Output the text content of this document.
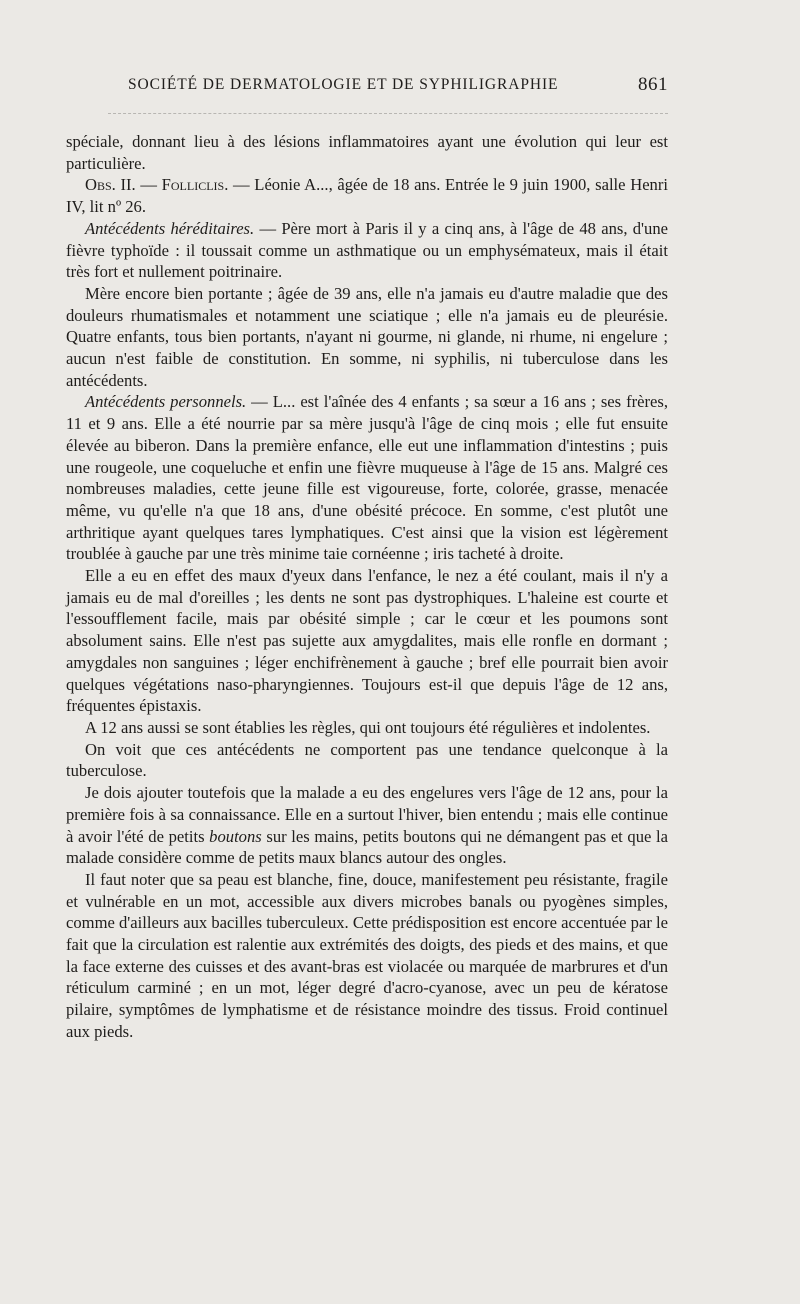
SOCIÉTÉ DE DERMATOLOGIE ET DE SYPHILIGRAPHIE	861

spéciale, donnant lieu à des lésions inflammatoires ayant une évolution qui leur est particulière.

Obs. II. — Folliclis. — Léonie A..., âgée de 18 ans. Entrée le 9 juin 1900, salle Henri IV, lit nº 26.

Antécédents héréditaires. — Père mort à Paris il y a cinq ans, à l'âge de 48 ans, d'une fièvre typhoïde : il toussait comme un asthmatique ou un emphysémateux, mais il était très fort et nullement poitrinaire.

Mère encore bien portante ; âgée de 39 ans, elle n'a jamais eu d'autre maladie que des douleurs rhumatismales et notamment une sciatique ; elle n'a jamais eu de pleurésie. Quatre enfants, tous bien portants, n'ayant ni gourme, ni glande, ni rhume, ni engelure ; aucun n'est faible de constitution. En somme, ni syphilis, ni tuberculose dans les antécédents.

Antécédents personnels. — L... est l'aînée des 4 enfants ; sa sœur a 16 ans ; ses frères, 11 et 9 ans. Elle a été nourrie par sa mère jusqu'à l'âge de cinq mois ; elle fut ensuite élevée au biberon. Dans la première enfance, elle eut une inflammation d'intestins ; puis une rougeole, une coqueluche et enfin une fièvre muqueuse à l'âge de 15 ans. Malgré ces nombreuses maladies, cette jeune fille est vigoureuse, forte, colorée, grasse, menacée même, vu qu'elle n'a que 18 ans, d'une obésité précoce. En somme, c'est plutôt une arthritique ayant quelques tares lymphatiques. C'est ainsi que la vision est légèrement troublée à gauche par une très minime taie cornéenne ; iris tacheté à droite.

Elle a eu en effet des maux d'yeux dans l'enfance, le nez a été coulant, mais il n'y a jamais eu de mal d'oreilles ; les dents ne sont pas dystrophiques. L'haleine est courte et l'essoufflement facile, mais par obésité simple ; car le cœur et les poumons sont absolument sains. Elle n'est pas sujette aux amygdalites, mais elle ronfle en dormant ; amygdales non sanguines ; léger enchifrènement à gauche ; bref elle pourrait bien avoir quelques végétations naso-pharyngiennes. Toujours est-il que depuis l'âge de 12 ans, fréquentes épistaxis.

A 12 ans aussi se sont établies les règles, qui ont toujours été régulières et indolentes.

On voit que ces antécédents ne comportent pas une tendance quelconque à la tuberculose.

Je dois ajouter toutefois que la malade a eu des engelures vers l'âge de 12 ans, pour la première fois à sa connaissance. Elle en a surtout l'hiver, bien entendu ; mais elle continue à avoir l'été de petits boutons sur les mains, petits boutons qui ne démangent pas et que la malade considère comme de petits maux blancs autour des ongles.

Il faut noter que sa peau est blanche, fine, douce, manifestement peu résistante, fragile et vulnérable en un mot, accessible aux divers microbes banals ou pyogènes simples, comme d'ailleurs aux bacilles tuberculeux. Cette prédisposition est encore accentuée par le fait que la circulation est ralentie aux extrémités des doigts, des pieds et des mains, et que la face externe des cuisses et des avant-bras est violacée ou marquée de marbrures et d'un réticulum carminé ; en un mot, léger degré d'acro-cyanose, avec un peu de kératose pilaire, symptômes de lymphatisme et de résistance moindre des tissus. Froid continuel aux pieds.
